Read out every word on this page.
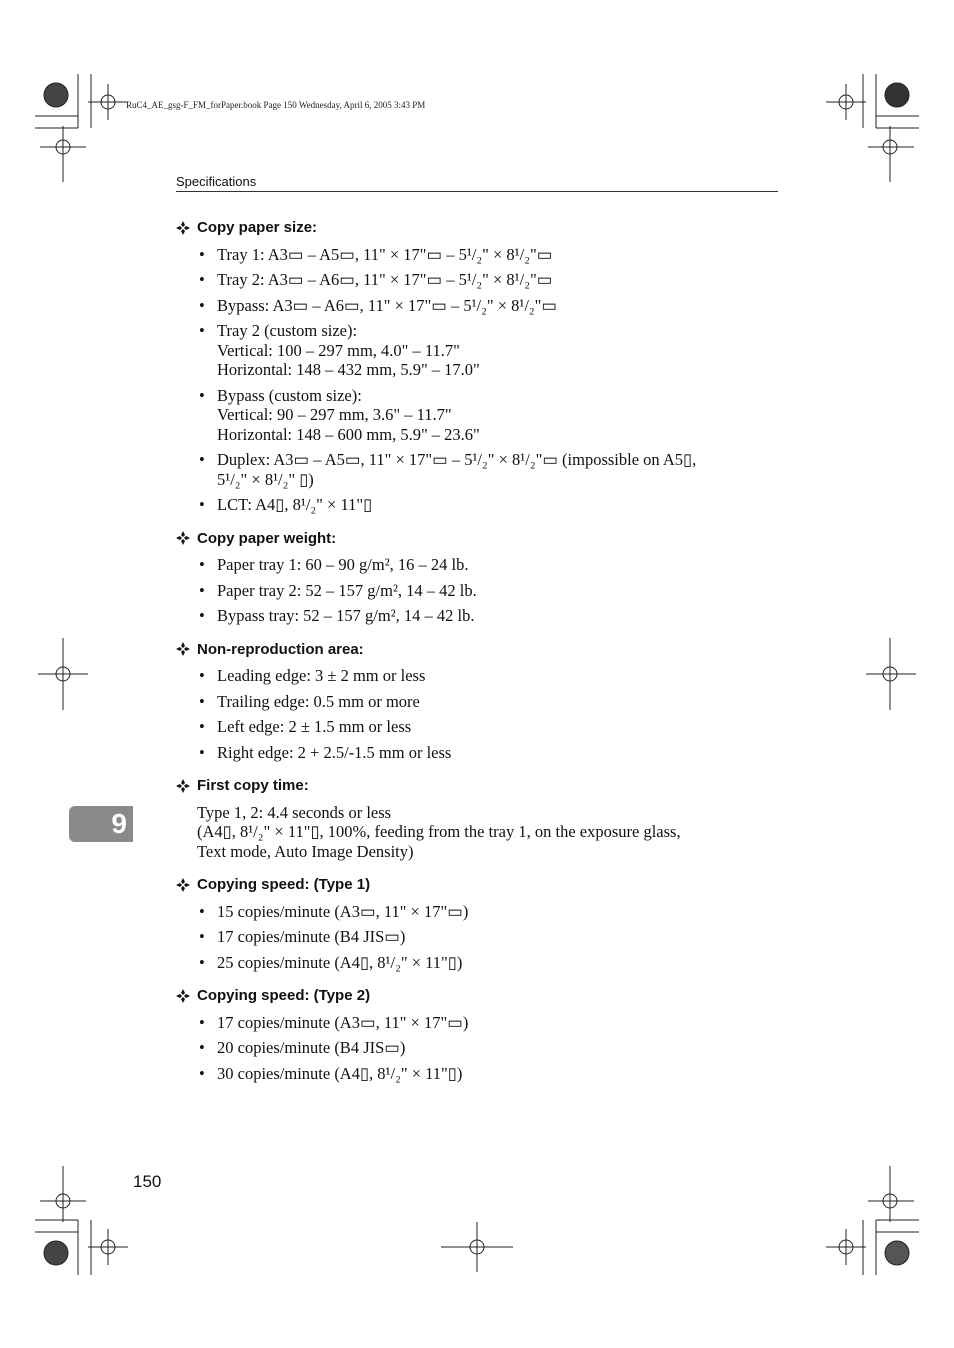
RuC4_AE_gsg-F_FM_forPaper.book Page 150 Wednesday, April 6, 2005 3:43 PM
Specifications
Copy paper size:
• Tray 1: A3▭ – A5▭, 11" × 17"▭ – 5¹/₂" × 8¹/₂"▭
• Tray 2: A3▭ – A6▭, 11" × 17"▭ – 5¹/₂" × 8¹/₂"▭
• Bypass: A3▭ – A6▭, 11" × 17"▭ – 5¹/₂" × 8¹/₂"▭
• Tray 2 (custom size):
Vertical: 100 – 297 mm, 4.0" – 11.7"
Horizontal: 148 – 432 mm, 5.9" – 17.0"
• Bypass (custom size):
Vertical: 90 – 297 mm, 3.6" – 11.7"
Horizontal: 148 – 600 mm, 5.9" – 23.6"
• Duplex: A3▭ – A5▭, 11" × 17"▭ – 5¹/₂" × 8¹/₂"▭ (impossible on A5▯,
5¹/₂" × 8¹/₂" ▯)
• LCT: A4▯, 8¹/₂" × 11"▯
Copy paper weight:
• Paper tray 1: 60 – 90 g/m², 16 – 24 lb.
• Paper tray 2: 52 – 157 g/m², 14 – 42 lb.
• Bypass tray: 52 – 157 g/m², 14 – 42 lb.
Non-reproduction area:
• Leading edge: 3 ± 2 mm or less
• Trailing edge: 0.5 mm or more
• Left edge: 2 ± 1.5 mm or less
• Right edge: 2 + 2.5/-1.5 mm or less
First copy time:
Type 1, 2: 4.4 seconds or less
(A4▯, 8¹/₂" × 11"▯, 100%, feeding from the tray 1, on the exposure glass,
Text mode, Auto Image Density)
Copying speed: (Type 1)
• 15 copies/minute (A3▭, 11" × 17"▭)
• 17 copies/minute (B4 JIS▭)
• 25 copies/minute (A4▯, 8¹/₂" × 11"▯)
Copying speed: (Type 2)
• 17 copies/minute (A3▭, 11" × 17"▭)
• 20 copies/minute (B4 JIS▭)
• 30 copies/minute (A4▯, 8¹/₂" × 11"▯)
9
150
